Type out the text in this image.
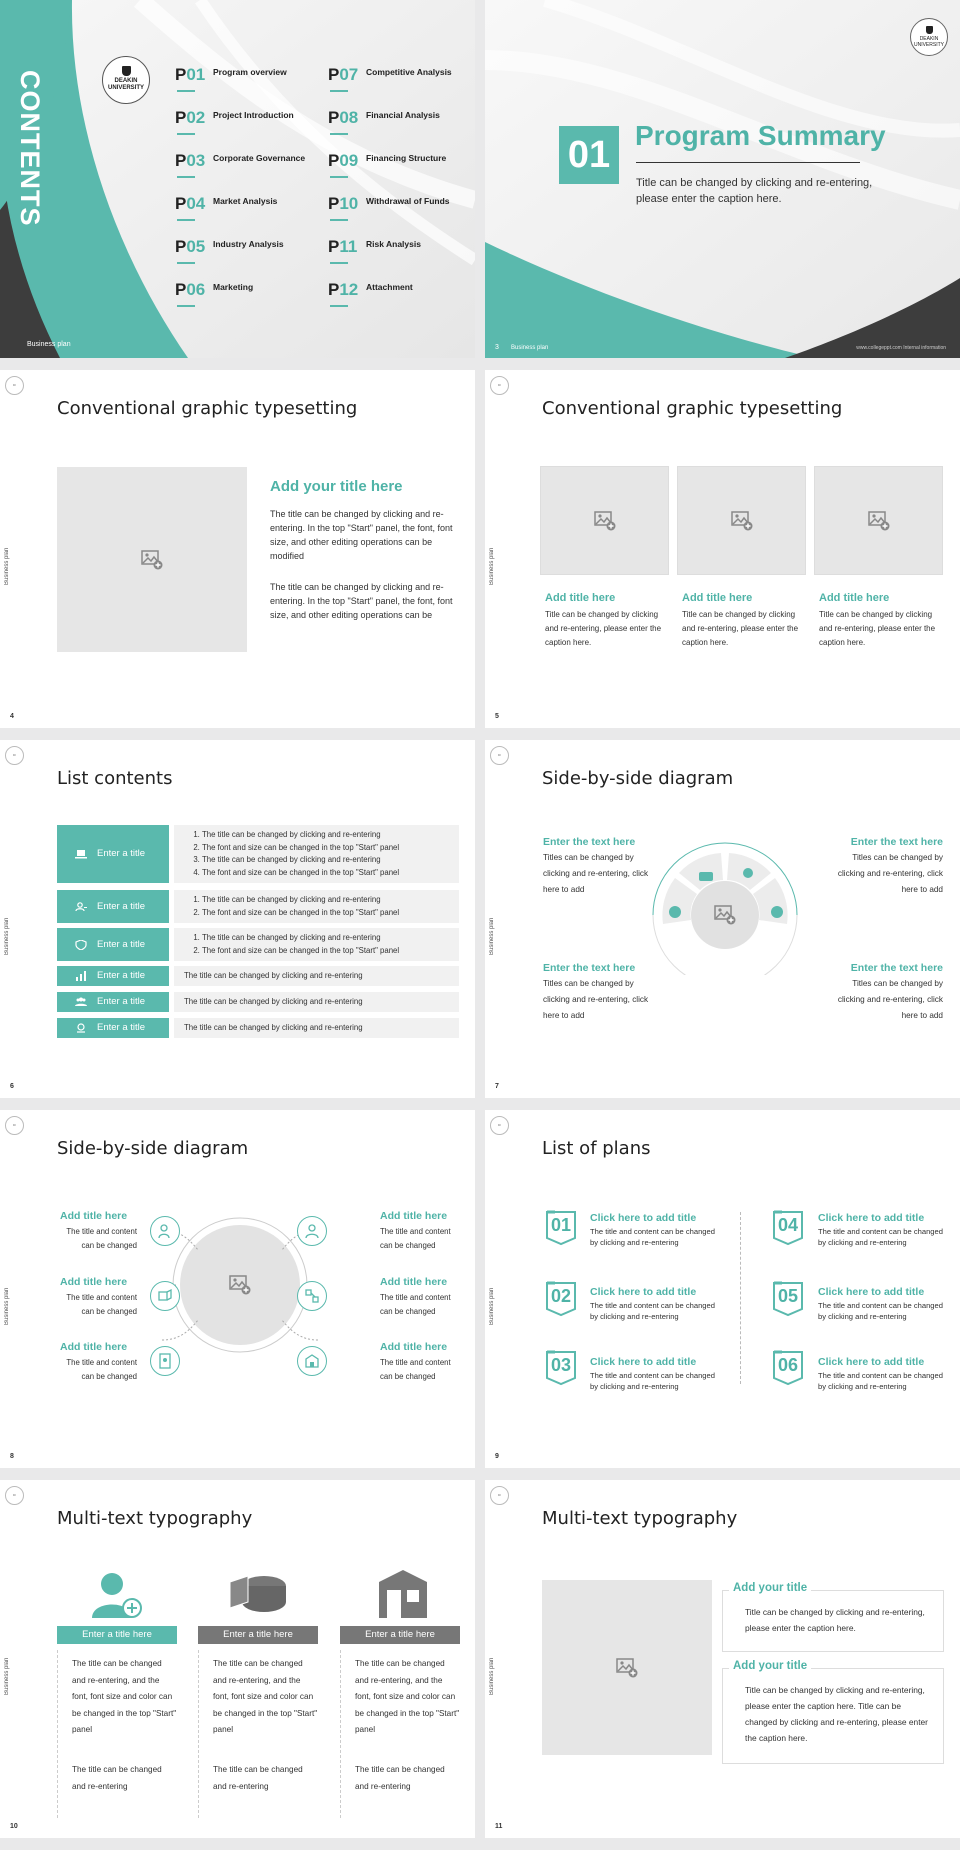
CONTENTS
Business plan
DEAKIN UNIVERSITY
P01 Program overview
P02 Project Introduction
P03 Corporate Governance
P04 Market Analysis
P05 Industry Analysis
P06 Marketing
P07 Competitive Analysis
P08 Financial Analysis
P09 Financing Structure
P10 Withdrawal of Funds
P11 Risk Analysis
P12 Attachment
DEAKIN UNIVERSITY
01 Program Summary
Title can be changed by clicking and re-entering, please enter the caption here.
3 Business plan	www.collegeppt.com Internal information
D
Business plan
4
Conventional graphic typesetting
Add your title here
The title can be changed by clicking and re-entering. In the top "Start" panel, the font, font size, and other editing operations can be modified
The title can be changed by clicking and re-entering. In the top "Start" panel, the font, font size, and other editing operations can be
D
Business plan
5
Conventional graphic typesetting
Add title here
Title can be changed by clicking and re-entering, please enter the caption here.
Add title here
Title can be changed by clicking and re-entering, please enter the caption here.
Add title here
Title can be changed by clicking and re-entering, please enter the caption here.
D
Business plan
6
List contents
Enter a title
1. The title can be changed by clicking and re-entering
2. The font and size can be changed in the top "Start" panel
3. The title can be changed by clicking and re-entering
4. The font and size can be changed in the top "Start" panel
Enter a title
1. The title can be changed by clicking and re-entering
2. The font and size can be changed in the top "Start" panel
Enter a title
1. The title can be changed by clicking and re-entering
2. The font and size can be changed in the top "Start" panel
Enter a title	The title can be changed by clicking and re-entering
Enter a title	The title can be changed by clicking and re-entering
Enter a title	The title can be changed by clicking and re-entering
D
Business plan
7
Side-by-side diagram
Enter the text here
Titles can be changed by clicking and re-entering, click here to add
Enter the text here
Titles can be changed by clicking and re-entering, click here to add
Enter the text here
Titles can be changed by clicking and re-entering, click here to add
Enter the text here
Titles can be changed by clicking and re-entering, click here to add
D
Business plan
8
Side-by-side diagram
Add title here
The title and content can be changed
Add title here
The title and content can be changed
Add title here
The title and content can be changed
Add title here
The title and content can be changed
Add title here
The title and content can be changed
Add title here
The title and content can be changed
D
Business plan
9
List of plans
01	Click here to add title
The title and content can be changed by clicking and re-entering
02	Click here to add title
The title and content can be changed by clicking and re-entering
03	Click here to add title
The title and content can be changed by clicking and re-entering
04	Click here to add title
The title and content can be changed by clicking and re-entering
05	Click here to add title
The title and content can be changed by clicking and re-entering
06	Click here to add title
The title and content can be changed by clicking and re-entering
D
Business plan
10
Multi-text typography
Enter a title here	Enter a title here	Enter a title here
The title can be changed and re-entering, and the font, font size and color can be changed in the top "Start" panel
The title can be changed and re-entering
The title can be changed and re-entering, and the font, font size and color can be changed in the top "Start" panel
The title can be changed and re-entering
The title can be changed and re-entering, and the font, font size and color can be changed in the top "Start" panel
The title can be changed and re-entering
D
Business plan
11
Multi-text typography
Add your title
Title can be changed by clicking and re-entering, please enter the caption here.
Add your title
Title can be changed by clicking and re-entering, please enter the caption here. Title can be changed by clicking and re-entering, please enter the caption here.
